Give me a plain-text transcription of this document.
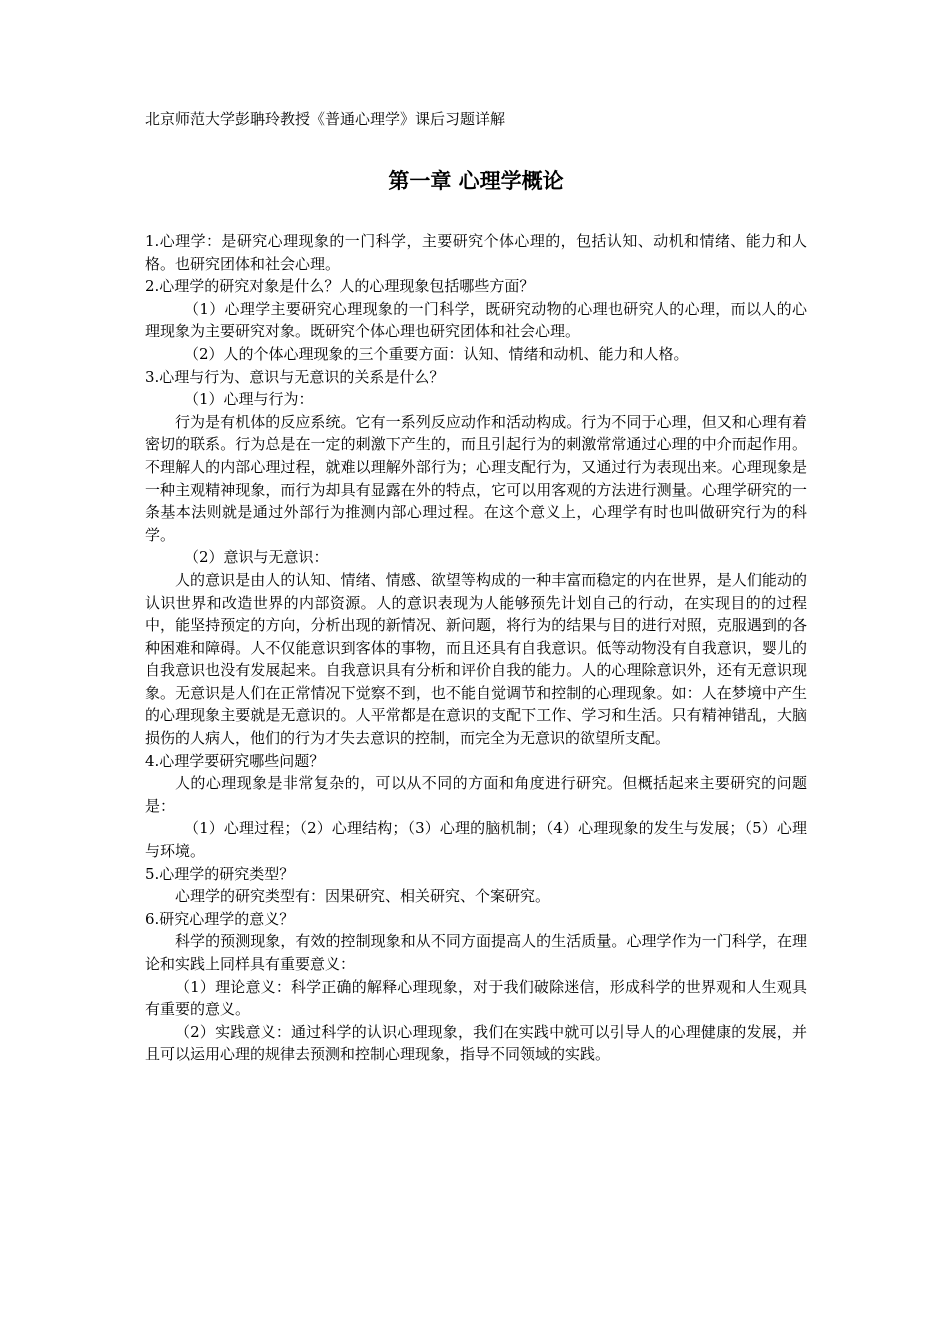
北京师范大学彭聃玲教授《普通心理学》课后习题详解

第一章 心理学概论

1.心理学：是研究心理现象的一门科学，主要研究个体心理的，包括认知、动机和情绪、能力和人格。也研究团体和社会心理。

2.心理学的研究对象是什么？人的心理现象包括哪些方面？

（1）心理学主要研究心理现象的一门科学，既研究动物的心理也研究人的心理，而以人的心理现象为主要研究对象。既研究个体心理也研究团体和社会心理。

（2）人的个体心理现象的三个重要方面：认知、情绪和动机、能力和人格。

3.心理与行为、意识与无意识的关系是什么？

（1）心理与行为：

行为是有机体的反应系统。它有一系列反应动作和活动构成。行为不同于心理，但又和心理有着密切的联系。行为总是在一定的刺激下产生的，而且引起行为的刺激常常通过心理的中介而起作用。不理解人的内部心理过程，就难以理解外部行为；心理支配行为，又通过行为表现出来。心理现象是一种主观精神现象，而行为却具有显露在外的特点，它可以用客观的方法进行测量。心理学研究的一条基本法则就是通过外部行为推测内部心理过程。在这个意义上，心理学有时也叫做研究行为的科学。

（2）意识与无意识：

人的意识是由人的认知、情绪、情感、欲望等构成的一种丰富而稳定的内在世界，是人们能动的认识世界和改造世界的内部资源。人的意识表现为人能够预先计划自己的行动，在实现目的的过程中，能坚持预定的方向，分析出现的新情况、新问题，将行为的结果与目的进行对照，克服遇到的各种困难和障碍。人不仅能意识到客体的事物，而且还具有自我意识。低等动物没有自我意识，婴儿的自我意识也没有发展起来。自我意识具有分析和评价自我的能力。人的心理除意识外，还有无意识现象。无意识是人们在正常情况下觉察不到，也不能自觉调节和控制的心理现象。如：人在梦境中产生的心理现象主要就是无意识的。人平常都是在意识的支配下工作、学习和生活。只有精神错乱，大脑损伤的人病人，他们的行为才失去意识的控制，而完全为无意识的欲望所支配。

4.心理学要研究哪些问题？

人的心理现象是非常复杂的，可以从不同的方面和角度进行研究。但概括起来主要研究的问题是：

（1）心理过程；（2）心理结构；（3）心理的脑机制；（4）心理现象的发生与发展；（5）心理与环境。

5.心理学的研究类型？

心理学的研究类型有：因果研究、相关研究、个案研究。

6.研究心理学的意义？

科学的预测现象，有效的控制现象和从不同方面提高人的生活质量。心理学作为一门科学，在理论和实践上同样具有重要意义：

（1）理论意义：科学正确的解释心理现象，对于我们破除迷信，形成科学的世界观和人生观具有重要的意义。

（2）实践意义：通过科学的认识心理现象，我们在实践中就可以引导人的心理健康的发展，并且可以运用心理的规律去预测和控制心理现象，指导不同领域的实践。
